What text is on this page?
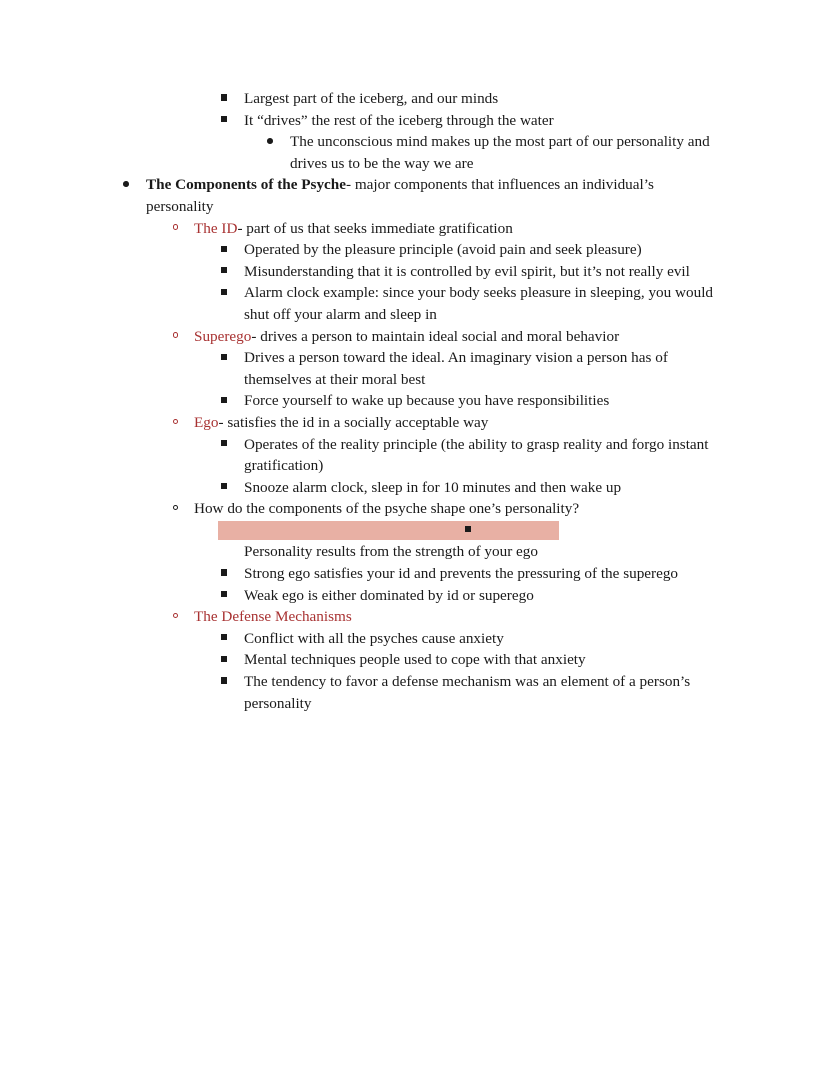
Largest part of the iceberg, and our minds
It “drives” the rest of the iceberg through the water
The unconscious mind makes up the most part of our personality and drives us to be the way we are
The Components of the Psyche- major components that influences an individual’s personality
The ID- part of us that seeks immediate gratification
Operated by the pleasure principle (avoid pain and seek pleasure)
Misunderstanding that it is controlled by evil spirit, but it’s not really evil
Alarm clock example: since your body seeks pleasure in sleeping, you would shut off your alarm and sleep in
Superego- drives a person to maintain ideal social and moral behavior
Drives a person toward the ideal. An imaginary vision a person has of themselves at their moral best
Force yourself to wake up because you have responsibilities
Ego- satisfies the id in a socially acceptable way
Operates of the reality principle (the ability to grasp reality and forgo instant gratification)
Snooze alarm clock, sleep in for 10 minutes and then wake up
How do the components of the psyche shape one’s personality?
Personality results from the strength of your ego
Strong ego satisfies your id and prevents the pressuring of the superego
Weak ego is either dominated by id or superego
The Defense Mechanisms
Conflict with all the psyches cause anxiety
Mental techniques people used to cope with that anxiety
The tendency to favor a defense mechanism was an element of a person’s personality
